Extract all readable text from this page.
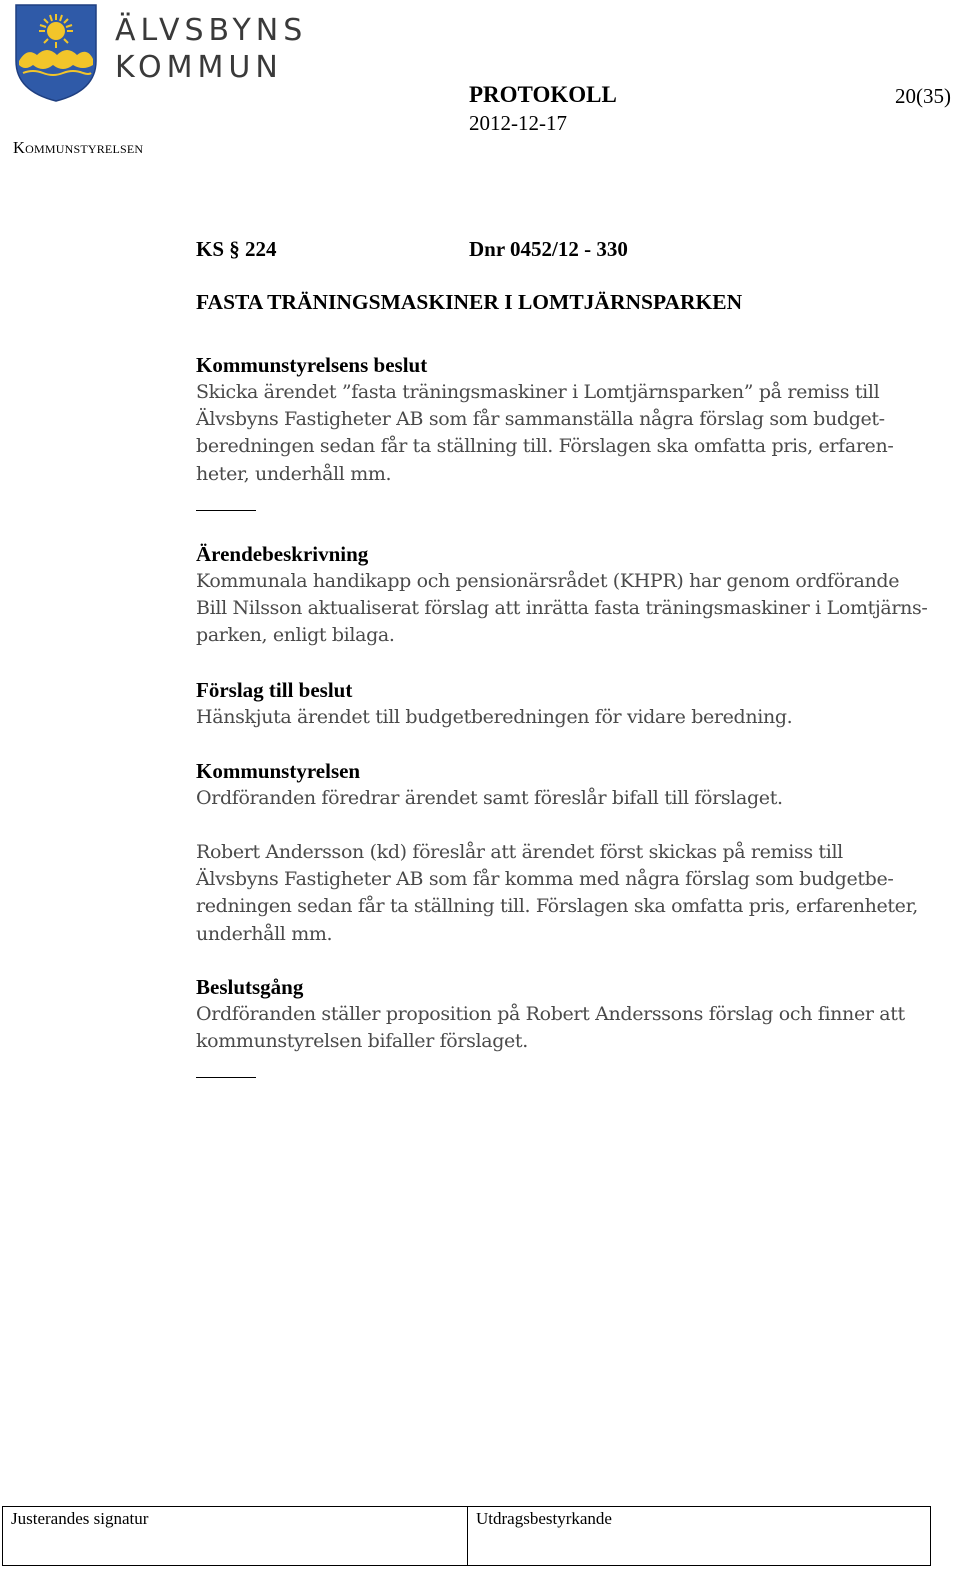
ÄLVSBYNS
KOMMUN
Kommunstyrelsen
PROTOKOLL
2012-12-17
20(35)
KS § 224	Dnr 0452/12 - 330
FASTA TRÄNINGSMASKINER I LOMTJÄRNSPARKEN
Kommunstyrelsens beslut
Skicka ärendet ”fasta träningsmaskiner i Lomtjärnsparken” på remiss till
Älvsbyns Fastigheter AB som får sammanställa några förslag som budget-
beredningen sedan får ta ställning till. Förslagen ska omfatta pris, erfaren-
heter, underhåll mm.
Ärendebeskrivning
Kommunala handikapp och pensionärsrådet (KHPR) har genom ordförande
Bill Nilsson aktualiserat förslag att inrätta fasta träningsmaskiner i Lomtjärns-
parken, enligt bilaga.
Förslag till beslut
Hänskjuta ärendet till budgetberedningen för vidare beredning.
Kommunstyrelsen
Ordföranden föredrar ärendet samt föreslår bifall till förslaget.
Robert Andersson (kd) föreslår att ärendet först skickas på remiss till
Älvsbyns Fastigheter AB som får komma med några förslag som budgetbe-
redningen sedan får ta ställning till. Förslagen ska omfatta pris, erfarenheter,
underhåll mm.
Beslutsgång
Ordföranden ställer proposition på Robert Anderssons förslag och finner att
kommunstyrelsen bifaller förslaget.
Justerandes signatur	Utdragsbestyrkande
